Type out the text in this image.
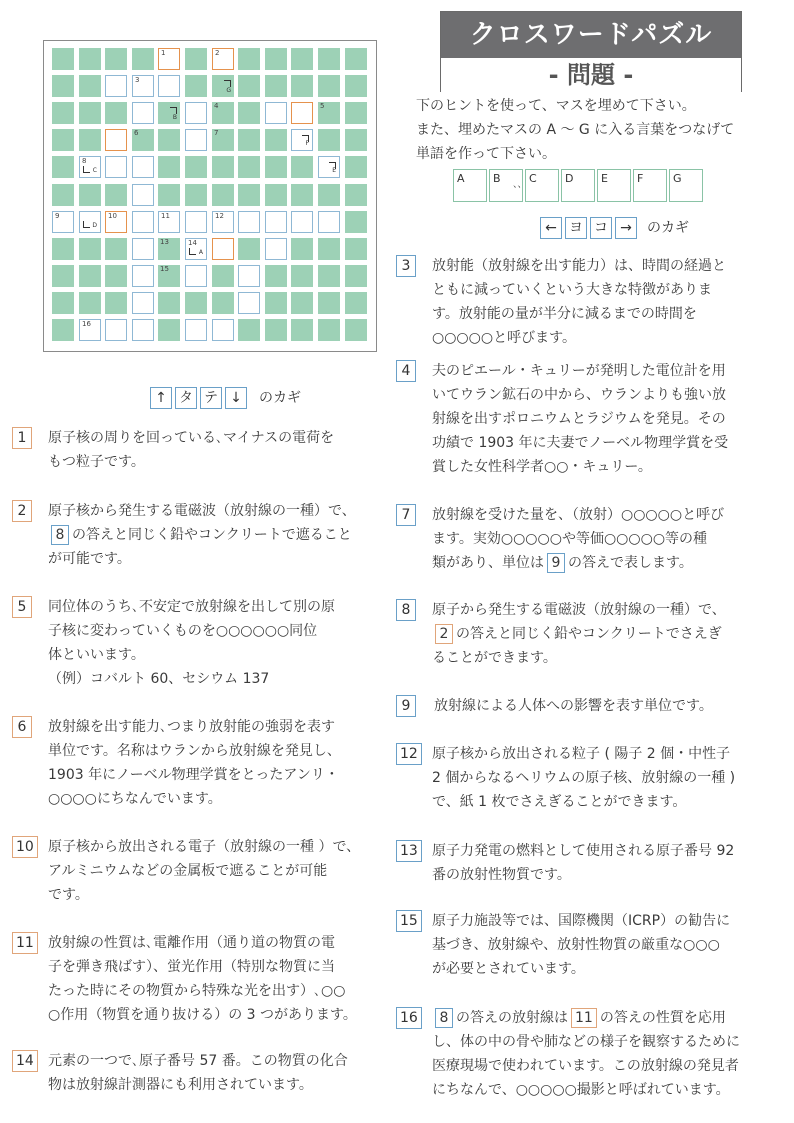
1	2
3
G
B
4	5
6	7
F
8
C	E
9
D
10	11	12
13	14
A
15
16
クロスワードパズル
- 問題 -
下のヒントを使って、マスを埋めて下さい。
また、埋めたマスの A ～ G に入る言葉をつなげて
単語を作って下さい。
A	B 、、 C	D	E	F	G
← ヨ コ →	のカギ
↑ タ テ ↓	のカギ
1	原子核の周りを回っている､マイナスの電荷を
もつ粒子です。
2	原子核から発生する電磁波（放射線の一種）で、
8 の答えと同じく鉛やコンクリートで遮ること
が可能です。
5	同位体のうち､不安定で放射線を出して別の原
子核に変わっていくものを○○○○○○同位
体といいます。
（例）コバルト 60、セシウム 137
6	放射線を出す能力､つまり放射能の強弱を表す
単位です。名称はウランから放射線を発見し、
1903 年にノーベル物理学賞をとったアンリ・
○○○○にちなんでいます。
10 原子核から放出される電子（放射線の一種 ）で、
アルミニウムなどの金属板で遮ることが可能
です。
11 放射線の性質は､電離作用（通り道の物質の電
子を弾き飛ばす）、蛍光作用（特別な物質に当
たった時にその物質から特殊な光を出す）､○○
○作用（物質を通り抜ける）の 3 つがあります。
14 元素の一つで､原子番号 57 番。この物質の化合
物は放射線計測器にも利用されています。
3	放射能（放射線を出す能力）は、時間の経過と
ともに減っていくという大きな特徴がありま
す。放射能の量が半分に減るまでの時間を
○○○○○と呼びます。
4	夫のピエール・キュリーが発明した電位計を用
いてウラン鉱石の中から、ウランよりも強い放
射線を出すポロニウムとラジウムを発見。その
功績で 1903 年に夫妻でノーベル物理学賞を受
賞した女性科学者○○・キュリー。
7	放射線を受けた量を、（放射）○○○○○と呼び
ます。実効○○○○○や等価○○○○○等の種
類があり、単位は 9 の答えで表します。
8	原子から発生する電磁波（放射線の一種）で、
2 の答えと同じく鉛やコンクリートでさえぎ
ることができます。
9	放射線による人体への影響を表す単位です。
12 原子核から放出される粒子 ( 陽子 2 個・中性子
2 個からなるヘリウムの原子核、放射線の一種 )
で、紙 1 枚でさえぎることができます。
13 原子力発電の燃料として使用される原子番号 92
番の放射性物質です。
15 原子力施設等では、国際機関（ICRP）の勧告に
基づき、放射線や、放射性物質の厳重な○○○
が必要とされています。
16	8 の答えの放射線は 11 の答えの性質を応用
し、体の中の骨や肺などの様子を観察するために
医療現場で使われています。この放射線の発見者
にちなんで、○○○○○撮影と呼ばれています。
